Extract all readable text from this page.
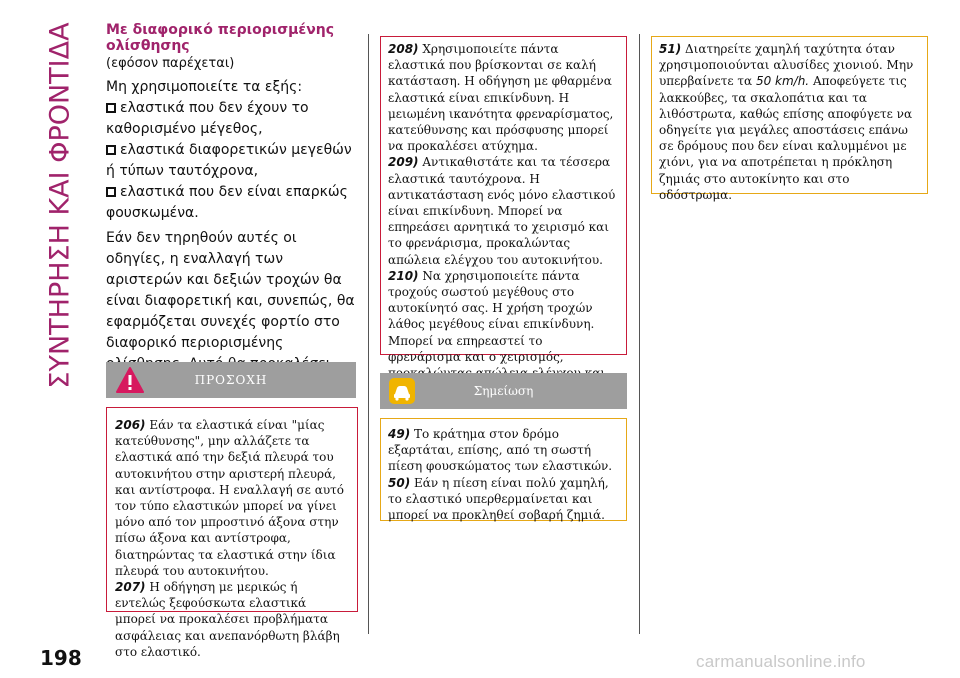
ΣΥΝΤΗΡΗΣΗ ΚΑΙ ΦΡΟΝΤΙΔΑ Με διαφορικό περιορισμένης ολίσθησης
(εφόσον παρέχεται)

Μη χρησιμοποιείτε τα εξής:

ελαστικά που δεν έχουν το καθορισμένο μέγεθος,

ελαστικά διαφορετικών μεγεθών ή τύπων ταυτόχρονα,

ελαστικά που δεν είναι επαρκώς φουσκωμένα.

Εάν δεν τηρηθούν αυτές οι οδηγίες, η εναλλαγή των αριστερών και δεξιών τροχών θα είναι διαφορετική και, συνεπώς, θα εφαρμόζεται συνεχές φορτίο στο διαφορικό περιορισμένης

ΠΡΟΣΟΧΗ

206) Εάν τα ελαστικά είναι "μίας κατεύθυνσης", μην αλλάζετε τα ελαστικά από την δεξιά πλευρά του αυτοκινήτου στην αριστερή πλευρά, και αντίστροφα. Η εναλλαγή σε αυτό τον τύπο ελαστικών μπορεί να γίνει μόνο από τον μπροστινό άξονα στην πίσω άξονα και αντίστροφα, διατηρώντας τα ελαστικά στην ίδια πλευρά του αυτοκινήτου.

207) Η οδήγηση με μερικώς ή εντελώς ξεφούσκωτα ελαστικά μπορεί να προκαλέσει προβλήματα ασφάλειας και ανεπανόρθωτη βλάβη στο ελαστικό.

208) Χρησιμοποιείτε πάντα ελαστικά που βρίσκονται σε καλή κατάσταση. Η οδήγηση με φθαρμένα ελαστικά είναι επικίνδυνη. Η μειωμένη ικανότητα φρεναρίσματος, κατεύθυνσης και πρόσφυσης μπορεί να προκαλέσει ατύχημα.

209) Αντικαθιστάτε και τα τέσσερα ελαστικά ταυτόχρονα. Η αντικατάσταση ενός μόνο ελαστικού είναι επικίνδυνη. Μπορεί να επηρεάσει αρνητικά το χειρισμό και το φρενάρισμα, προκαλώντας απώλεια ελέγχου του αυτοκινήτου.

210) Να χρησιμοποιείτε πάντα τροχούς σωστού μεγέθους στο αυτοκίνητό σας. Η χρήση τροχών λάθος μεγέθους είναι επικίνδυνη. Μπορεί να επηρεαστεί το φρενάρισμα και ο χειρισμός,

Σημείωση

49) Το κράτημα στον δρόμο εξαρτάται, επίσης, από τη σωστή πίεση φουσκώματος των ελαστικών.

50) Εάν η πίεση είναι πολύ χαμηλή, το ελαστικό υπερθερμαίνεται και μπορεί να προκληθεί σοβαρή ζημιά.

51) Διατηρείτε χαμηλή ταχύτητα όταν χρησιμοποιούνται αλυσίδες χιονιού. Μην υπερβαίνετε τα 50 km/h. Αποφεύγετε τις λακκούβες, τα σκαλοπάτια και τα λιθόστρωτα, καθώς επίσης αποφύγετε να οδηγείτε για μεγάλες αποστάσεις επάνω σε δρόμους που δεν είναι καλυμμένοι με χιόνι, για να αποτρέπεται η πρόκληση ζημιάς στο αυτοκίνητο και στο οδόστρωμα.

198	carmanualsonline.info
